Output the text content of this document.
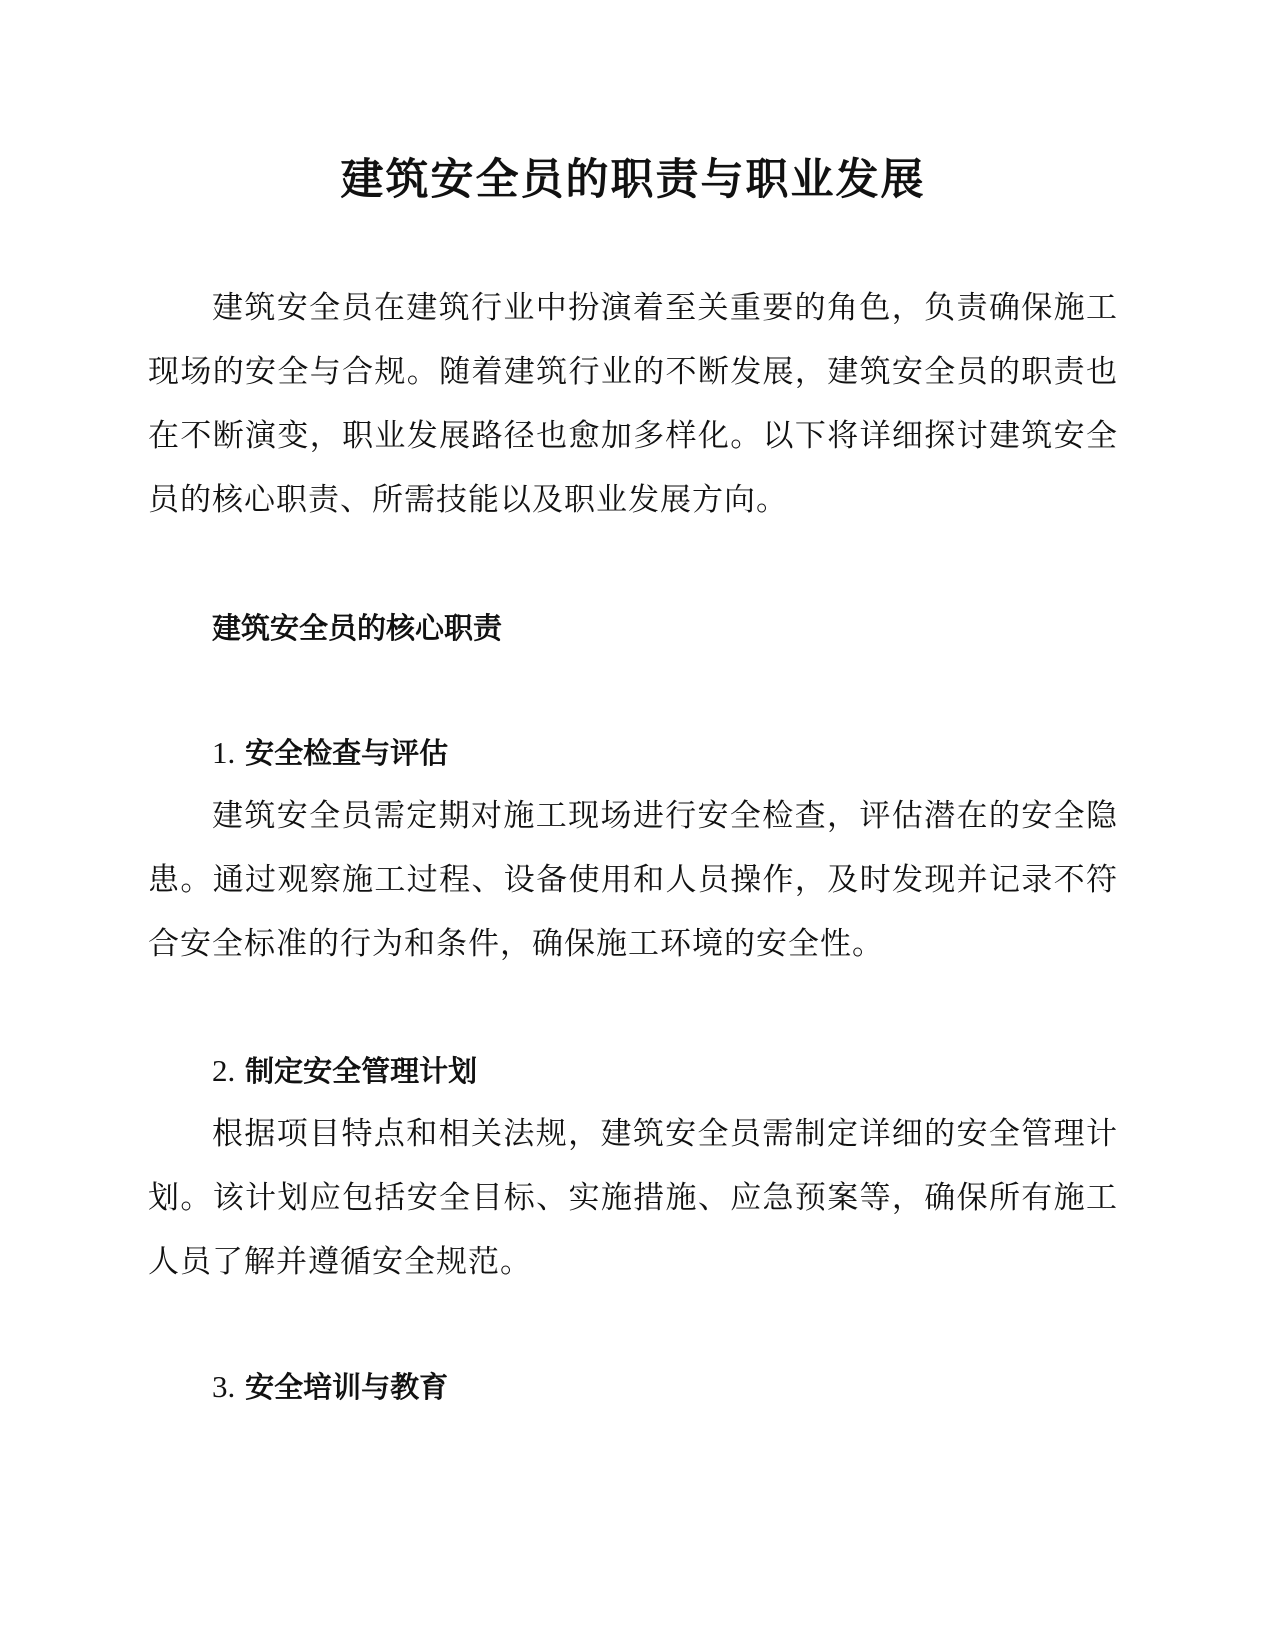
建筑安全员的职责与职业发展

建筑安全员在建筑行业中扮演着至关重要的角色，负责确保施工现场的安全与合规。随着建筑行业的不断发展，建筑安全员的职责也在不断演变，职业发展路径也愈加多样化。以下将详细探讨建筑安全员的核心职责、所需技能以及职业发展方向。

建筑安全员的核心职责
1. 安全检查与评估

建筑安全员需定期对施工现场进行安全检查，评估潜在的安全隐患。通过观察施工过程、设备使用和人员操作，及时发现并记录不符合安全标准的行为和条件，确保施工环境的安全性。

2. 制定安全管理计划

根据项目特点和相关法规，建筑安全员需制定详细的安全管理计划。该计划应包括安全目标、实施措施、应急预案等，确保所有施工人员了解并遵循安全规范。

3. 安全培训与教育
